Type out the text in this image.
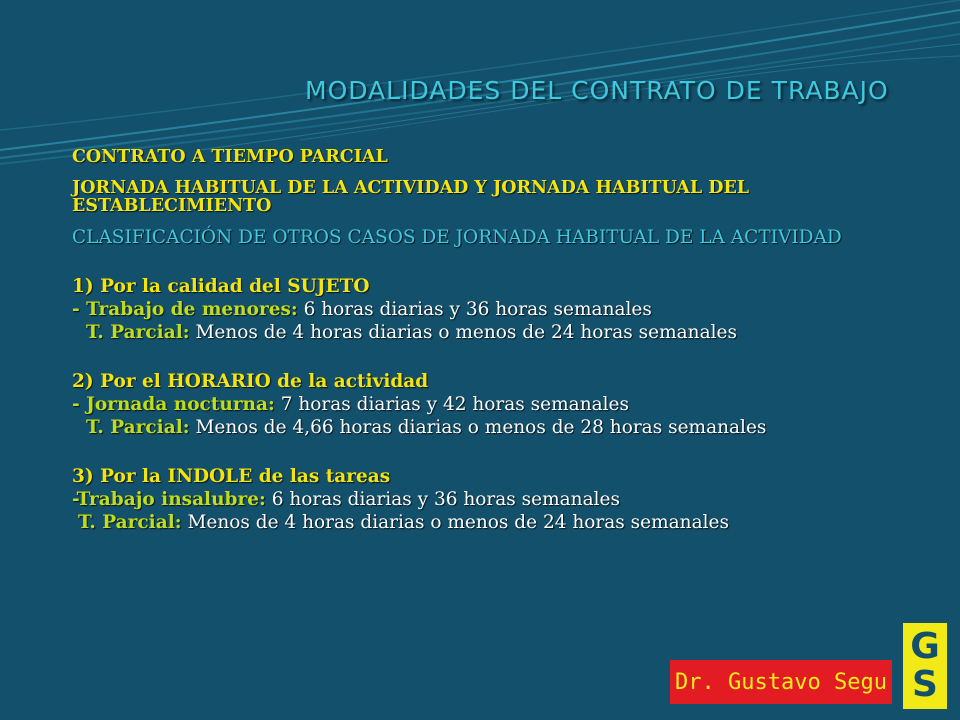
MODALIDADES DEL CONTRATO DE TRABAJO
CONTRATO A TIEMPO PARCIAL
JORNADA HABITUAL DE LA ACTIVIDAD Y JORNADA HABITUAL DEL ESTABLECIMIENTO
CLASIFICACIÓN DE OTROS CASOS DE JORNADA HABITUAL DE LA ACTIVIDAD
1) Por la calidad del SUJETO
- Trabajo de menores: 6 horas diarias y 36 horas semanales
T. Parcial: Menos de 4 horas diarias o menos de 24 horas semanales
2) Por el HORARIO de la actividad
- Jornada nocturna: 7 horas diarias y 42 horas semanales
T. Parcial: Menos de 4,66 horas diarias o menos de 28 horas semanales
3) Por la INDOLE de las tareas
-Trabajo insalubre: 6 horas diarias y 36 horas semanales
T. Parcial: Menos de 4 horas diarias o menos de 24 horas semanales
Dr. Gustavo Segu
G
S
